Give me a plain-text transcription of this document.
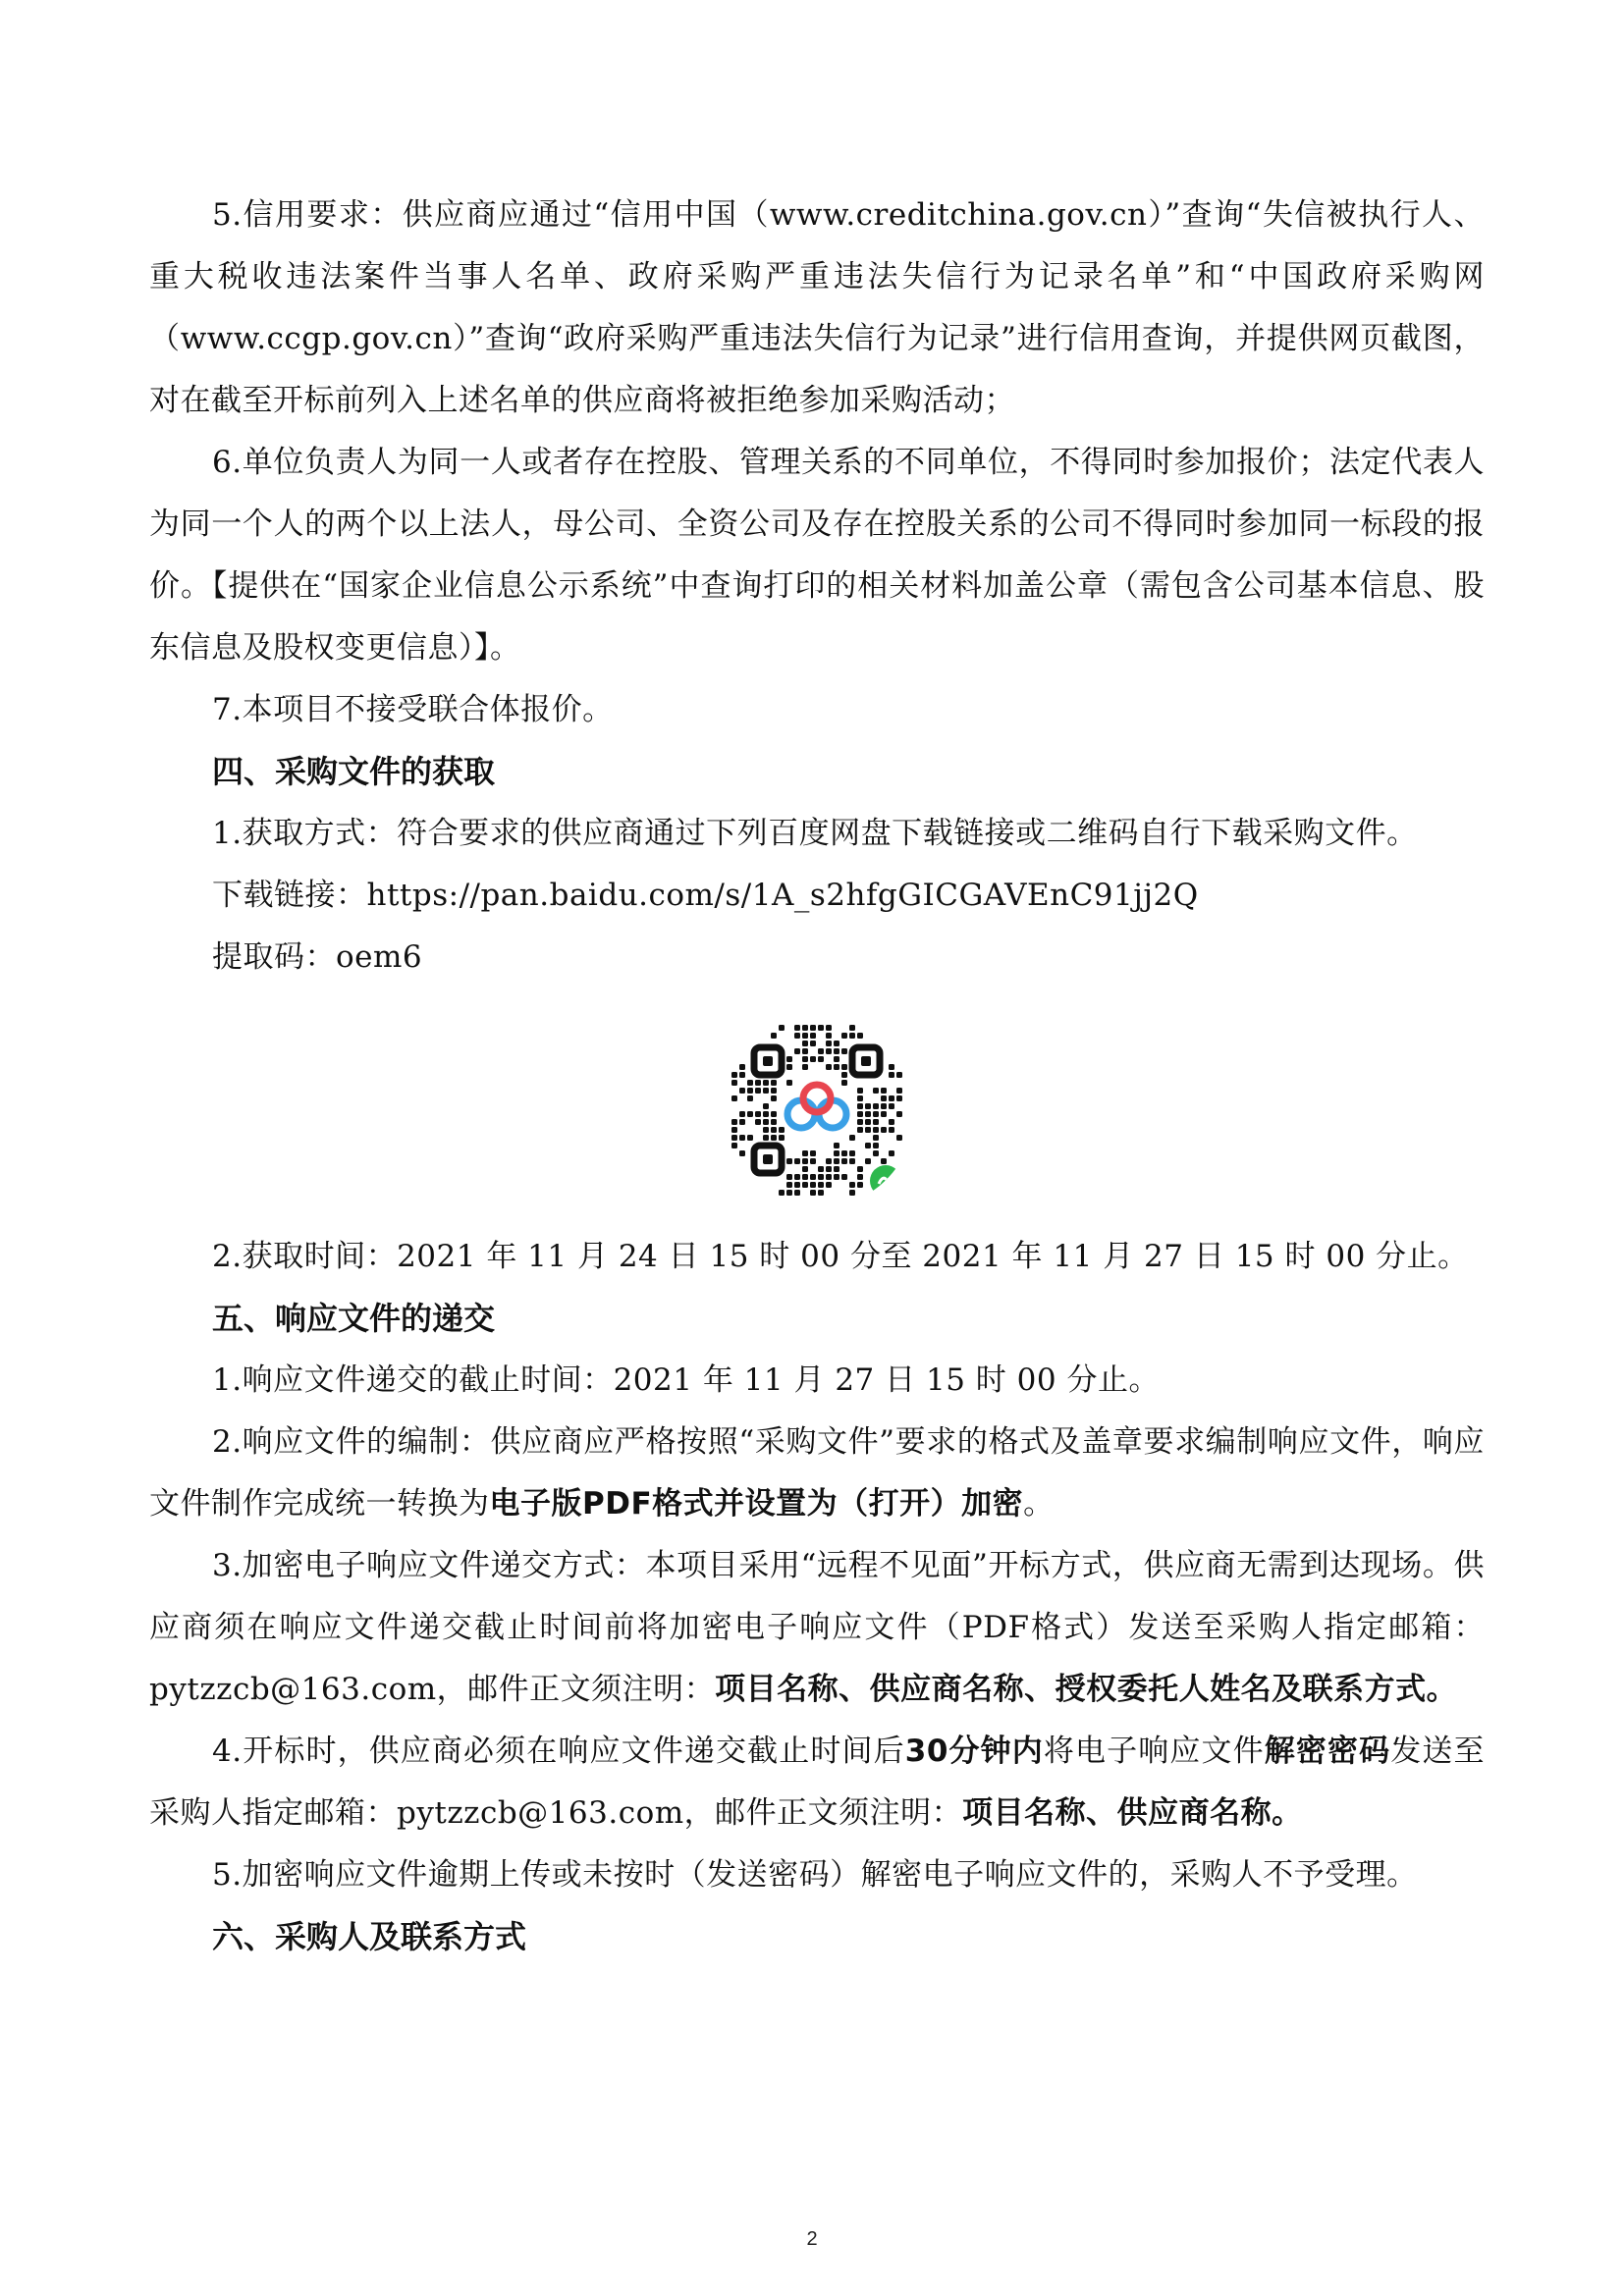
5.信用要求：供应商应通过“信用中国（www.creditchina.gov.cn）”查询“失信被执行人、重大税收违法案件当事人名单、政府采购严重违法失信行为记录名单”和“中国政府采购网（www.ccgp.gov.cn）”查询“政府采购严重违法失信行为记录”进行信用查询，并提供网页截图，对在截至开标前列入上述名单的供应商将被拒绝参加采购活动；

6.单位负责人为同一人或者存在控股、管理关系的不同单位，不得同时参加报价；法定代表人为同一个人的两个以上法人，母公司、全资公司及存在控股关系的公司不得同时参加同一标段的报价。【提供在“国家企业信息公示系统”中查询打印的相关材料加盖公章（需包含公司基本信息、股东信息及股权变更信息）】。

7.本项目不接受联合体报价。

四、采购文件的获取

1.获取方式：符合要求的供应商通过下列百度网盘下载链接或二维码自行下载采购文件。

下载链接：https://pan.baidu.com/s/1A_s2hfgGICGAVEnC91jj2Q

提取码：oem6

2.获取时间：2021 年 11 月 24 日 15 时 00 分至 2021 年 11 月 27 日 15 时 00 分止。

五、响应文件的递交

1.响应文件递交的截止时间：2021 年 11 月 27 日 15 时 00 分止。

2.响应文件的编制：供应商应严格按照“采购文件”要求的格式及盖章要求编制响应文件，响应文件制作完成统一转换为电子版PDF格式并设置为（打开）加密。

3.加密电子响应文件递交方式：本项目采用“远程不见面”开标方式，供应商无需到达现场。供应商须在响应文件递交截止时间前将加密电子响应文件（PDF格式）发送至采购人指定邮箱：pytzzcb@163.com，邮件正文须注明：项目名称、供应商名称、授权委托人姓名及联系方式。

4.开标时，供应商必须在响应文件递交截止时间后30分钟内将电子响应文件解密密码发送至采购人指定邮箱：pytzzcb@163.com，邮件正文须注明：项目名称、供应商名称。

5.加密响应文件逾期上传或未按时（发送密码）解密电子响应文件的，采购人不予受理。

六、采购人及联系方式

2
